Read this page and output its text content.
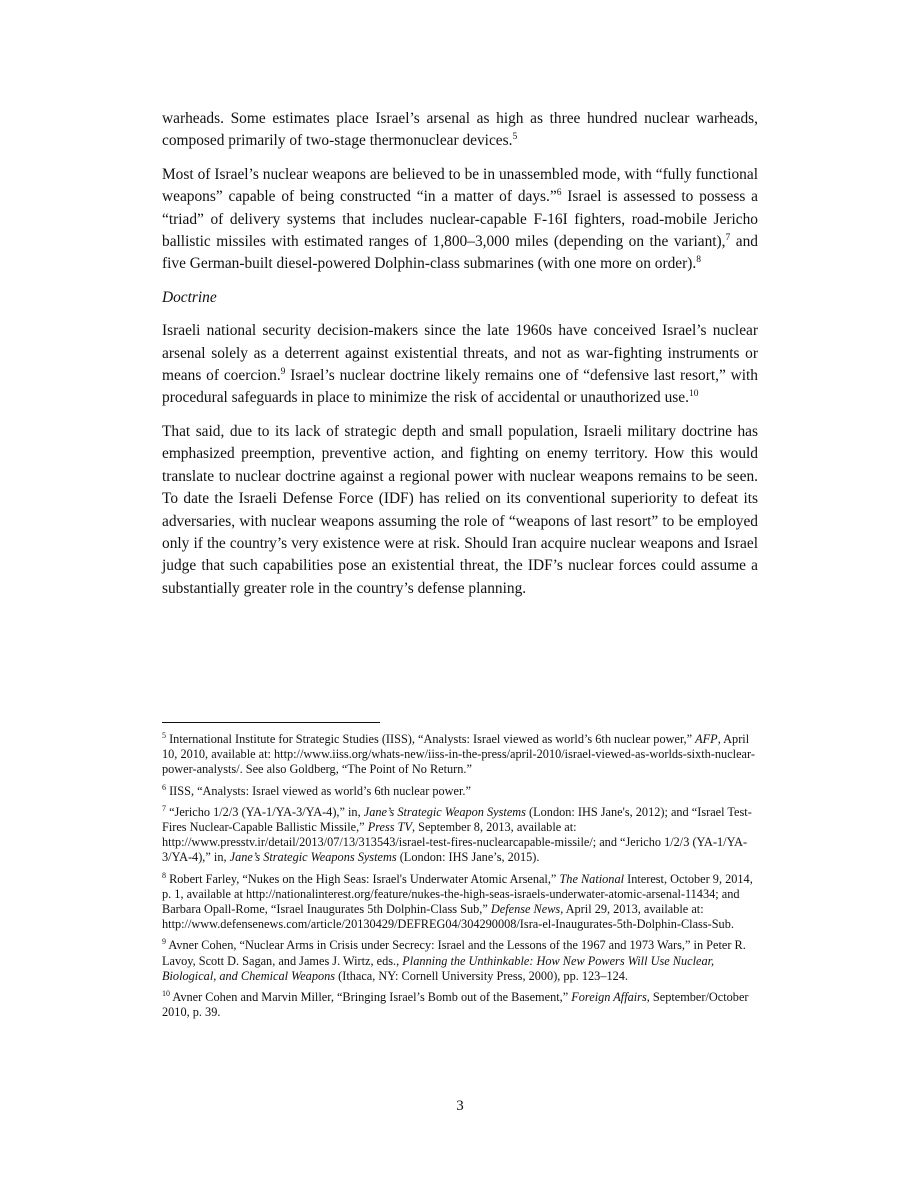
warheads. Some estimates place Israel’s arsenal as high as three hundred nuclear warheads, composed primarily of two-stage thermonuclear devices.$^5$

Most of Israel’s nuclear weapons are believed to be in unassembled mode, with “fully functional weapons” capable of being constructed “in a matter of days.”$^6$ Israel is assessed to possess a “triad” of delivery systems that includes nuclear-capable F-16I fighters, road-mobile Jericho ballistic missiles with estimated ranges of 1,800–3,000 miles (depending on the variant),$^7$ and five German-built diesel-powered Dolphin-class submarines (with one more on order).$^8$

Doctrine

Israeli national security decision-makers since the late 1960s have conceived Israel’s nuclear arsenal solely as a deterrent against existential threats, and not as war-fighting instruments or means of coercion.$^9$ Israel’s nuclear doctrine likely remains one of “defensive last resort,” with procedural safeguards in place to minimize the risk of accidental or unauthorized use.$^{10}$

That said, due to its lack of strategic depth and small population, Israeli military doctrine has emphasized preemption, preventive action, and fighting on enemy territory. How this would translate to nuclear doctrine against a regional power with nuclear weapons remains to be seen. To date the Israeli Defense Force (IDF) has relied on its conventional superiority to defeat its adversaries, with nuclear weapons assuming the role of “weapons of last resort” to be employed only if the country’s very existence were at risk. Should Iran acquire nuclear weapons and Israel judge that such capabilities pose an existential threat, the IDF’s nuclear forces could assume a substantially greater role in the country’s defense planning.

$^5$ International Institute for Strategic Studies (IISS), “Analysts: Israel viewed as world’s 6th nuclear power,” AFP, April 10, 2010, available at: http://www.iiss.org/whats-new/iiss-in-the-press/april-2010/israel-viewed-as-worlds-sixth-nuclear-power-analysts/. See also Goldberg, “The Point of No Return.”

$^6$ IISS, “Analysts: Israel viewed as world’s 6th nuclear power.”

$^7$ “Jericho 1/2/3 (YA-1/YA-3/YA-4),” in, Jane’s Strategic Weapon Systems (London: IHS Jane's, 2012); and “Israel Test-Fires Nuclear-Capable Ballistic Missile,” Press TV, September 8, 2013, available at: http://www.presstv.ir/detail/2013/07/13/313543/israel-test-fires-nuclearcapable-missile/; and “Jericho 1/2/3 (YA-1/YA-3/YA-4),” in, Jane’s Strategic Weapons Systems (London: IHS Jane’s, 2015).

$^8$ Robert Farley, “Nukes on the High Seas: Israel's Underwater Atomic Arsenal,” The National Interest, October 9, 2014, p. 1, available at http://nationalinterest.org/feature/nukes-the-high-seas-israels-underwater-atomic-arsenal-11434; and Barbara Opall-Rome, “Israel Inaugurates 5th Dolphin-Class Sub,” Defense News, April 29, 2013, available at: http://www.defensenews.com/article/20130429/DEFREG04/304290008/Isra-el-Inaugurates-5th-Dolphin-Class-Sub.

$^9$ Avner Cohen, “Nuclear Arms in Crisis under Secrecy: Israel and the Lessons of the 1967 and 1973 Wars,” in Peter R. Lavoy, Scott D. Sagan, and James J. Wirtz, eds., Planning the Unthinkable: How New Powers Will Use Nuclear, Biological, and Chemical Weapons (Ithaca, NY: Cornell University Press, 2000), pp. 123–124.

$^{10}$ Avner Cohen and Marvin Miller, “Bringing Israel’s Bomb out of the Basement,” Foreign Affairs, September/October 2010, p. 39.

3
